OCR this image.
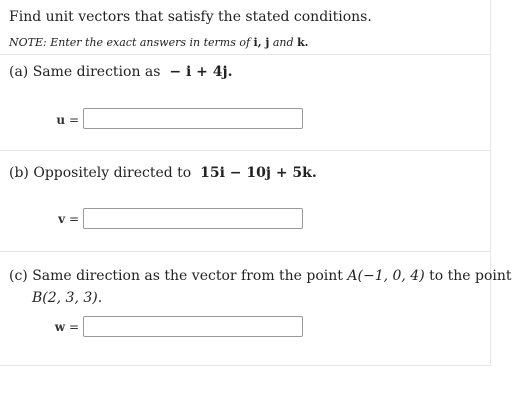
Find unit vectors that satisfy the stated conditions.
NOTE: Enter the exact answers in terms of i, j and k.
(a) Same direction as − i + 4j.
u =
(b) Oppositely directed to 15i − 10j + 5k.
v =
(c) Same direction as the vector from the point A(−1, 0, 4) to the point
B(2, 3, 3).
w =
